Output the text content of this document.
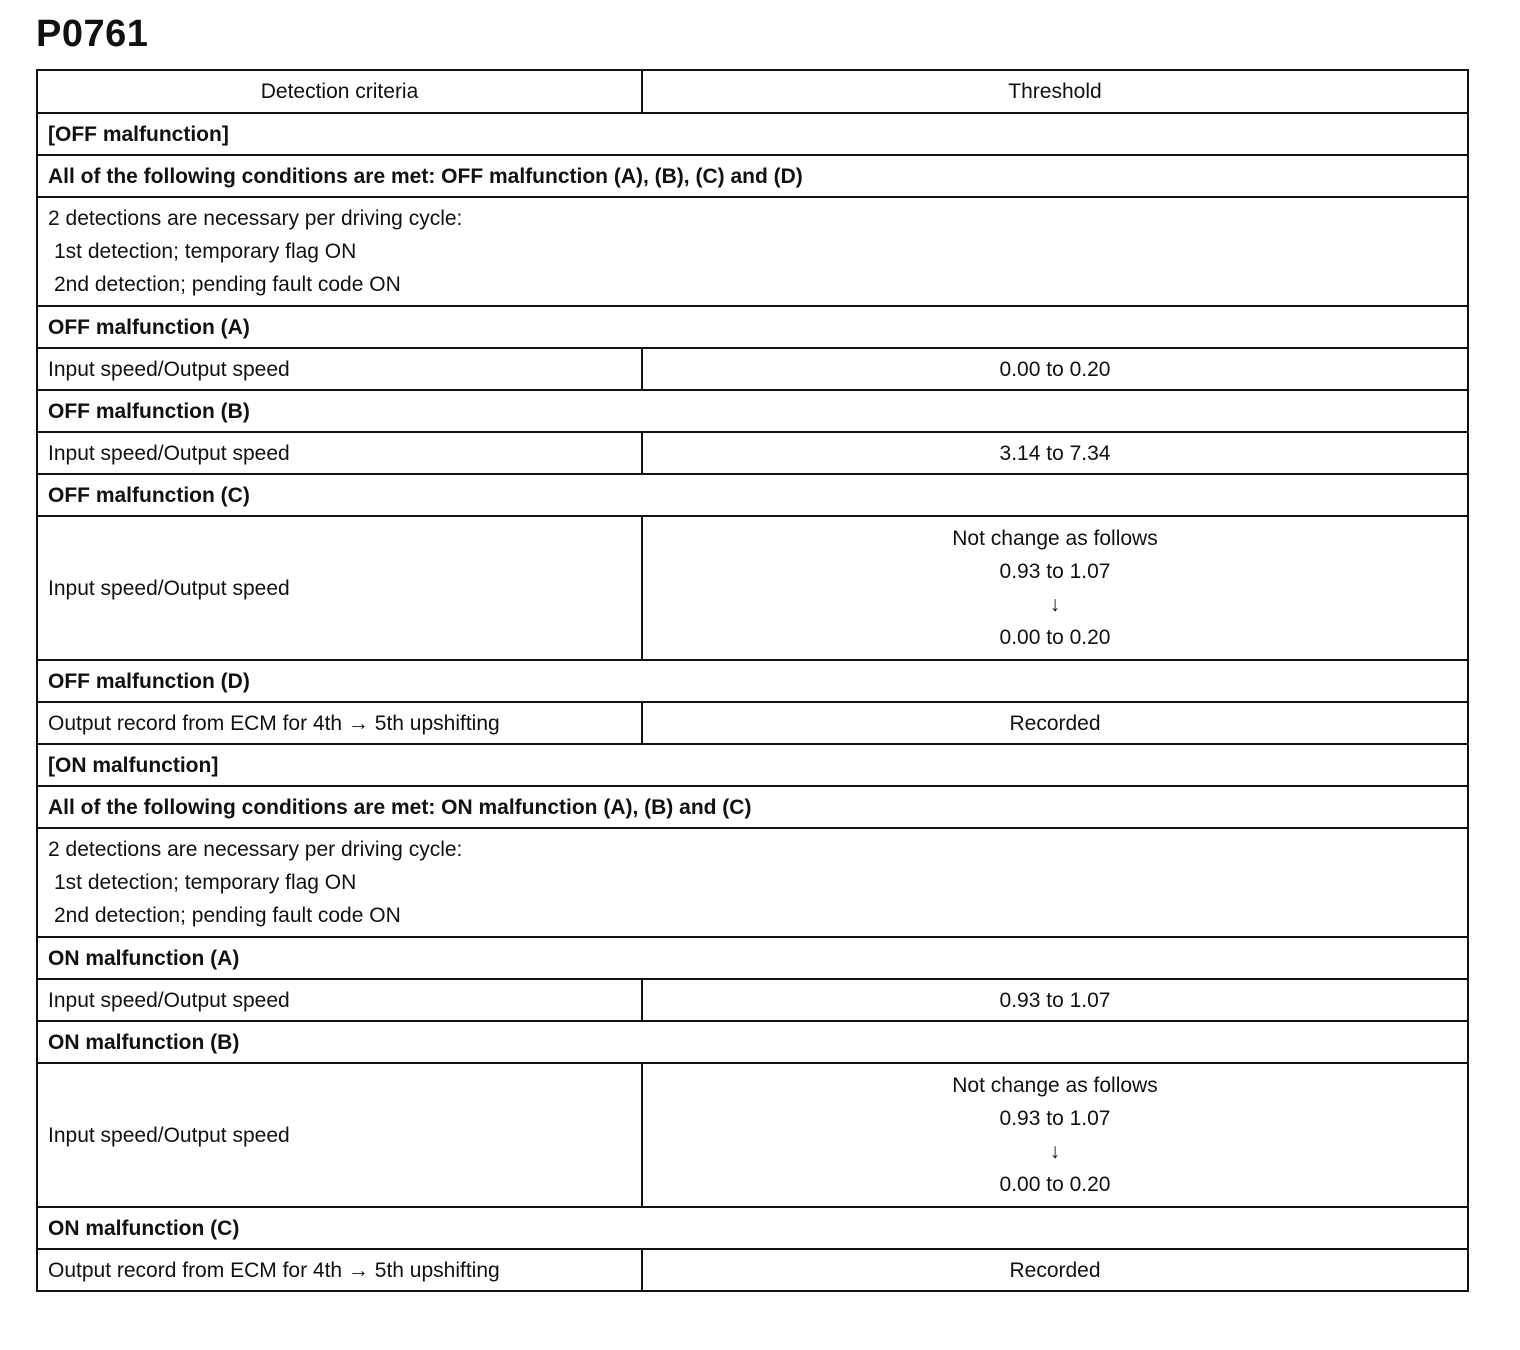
P0761
Detection criteria	Threshold
[OFF malfunction]	
All of the following conditions are met: OFF malfunction (A), (B), (C) and (D)	

2 detections are necessary per driving cycle:
1st detection; temporary flag ON
2nd detection; pending fault code ON	

OFF malfunction (A)	
Input speed/Output speed	0.00 to 0.20
OFF malfunction (B)	
Input speed/Output speed	3.14 to 7.34
OFF malfunction (C)	
Input speed/Output speed	Not change as follows
0.93 to 1.07
↓
0.00 to 0.20

OFF malfunction (D)	
Output record from ECM for 4th → 5th upshifting	Recorded
[ON malfunction]	
All of the following conditions are met: ON malfunction (A), (B) and (C)	

2 detections are necessary per driving cycle:
1st detection; temporary flag ON
2nd detection; pending fault code ON	

ON malfunction (A)	
Input speed/Output speed	0.93 to 1.07
ON malfunction (B)	
Input speed/Output speed	Not change as follows
0.93 to 1.07
↓
0.00 to 0.20

ON malfunction (C)	
Output record from ECM for 4th → 5th upshifting	Recorded
